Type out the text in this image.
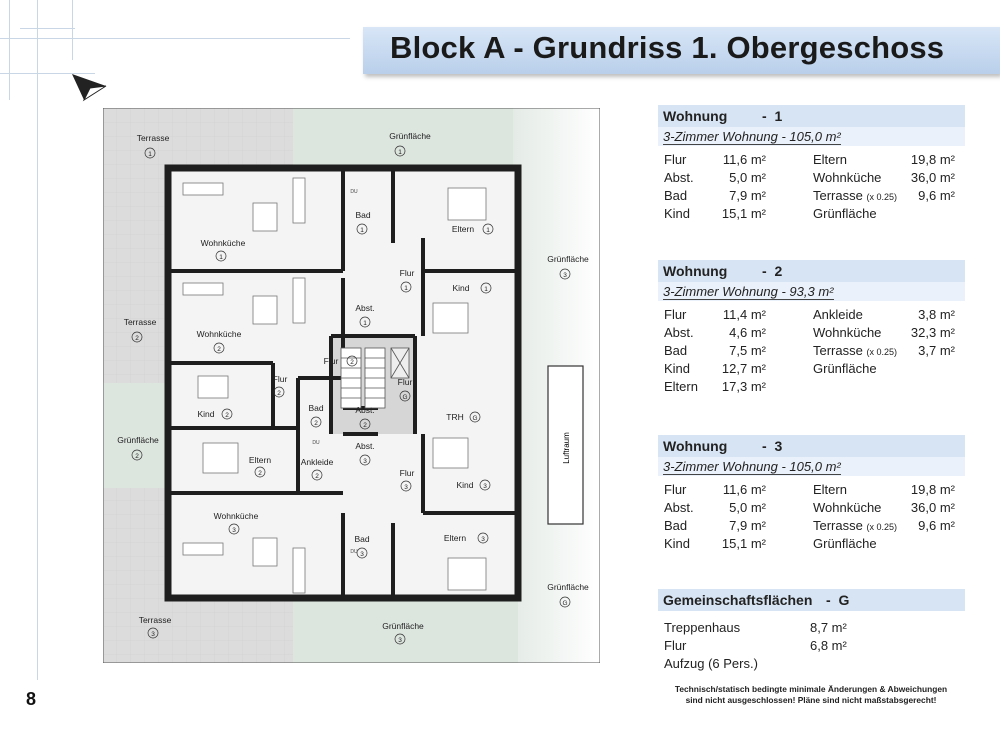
Block A - Grundriss 1. Obergeschoss
N
8
Luftraum
Terrasse
1
Grünfläche
1
Grünfläche
3
Wohnküche
1
Bad
1	Eltern 1
Flur
1	Kind 1
Abst.
1
Terrasse
2	Wohnküche
2
Flur 2
Flur
G
Flur
2
Kind 2
Bad
2
Abst.
2
TRH G
Grünfläche
2
Abst.
3
Eltern
2
Ankleide
2	Flur
3	Kind 3
Wohnküche
3
Bad
3
Eltern 3
Grünfläche
G
Terrasse
3
Grünfläche
3
DU
DU
DU
Wohnung -  1
3-Zimmer Wohnung - 105,0 m²
Flur	11,6 m²	Eltern	19,8 m²
Abst.	5,0 m²	Wohnküche 36,0 m²
Bad	7,9 m²	Terrasse (x 0.25) 9,6 m²
Kind 15,1 m²	Grünfläche
Wohnung -  2
3-Zimmer Wohnung - 93,3 m²
Flur	11,4 m²	Ankleide	3,8 m²
Abst.	4,6 m²	Wohnküche 32,3 m²
Bad	7,5 m²	Terrasse (x 0.25) 3,7 m²
Kind 12,7 m²	Grünfläche
Eltern 17,3 m²
Wohnung -  3
3-Zimmer Wohnung - 105,0 m²
Flur	11,6 m²	Eltern	19,8 m²
Abst.	5,0 m²	Wohnküche 36,0 m²
Bad	7,9 m²	Terrasse (x 0.25) 9,6 m²
Kind 15,1 m²	Grünfläche
Gemeinschaftsflächen -  G
Treppenhaus	8,7 m²
Flur	6,8 m²
Aufzug (6 Pers.)
Technisch/statisch bedingte minimale Änderungen & Abweichungen
sind nicht ausgeschlossen! Pläne sind nicht maßstabsgerecht!
